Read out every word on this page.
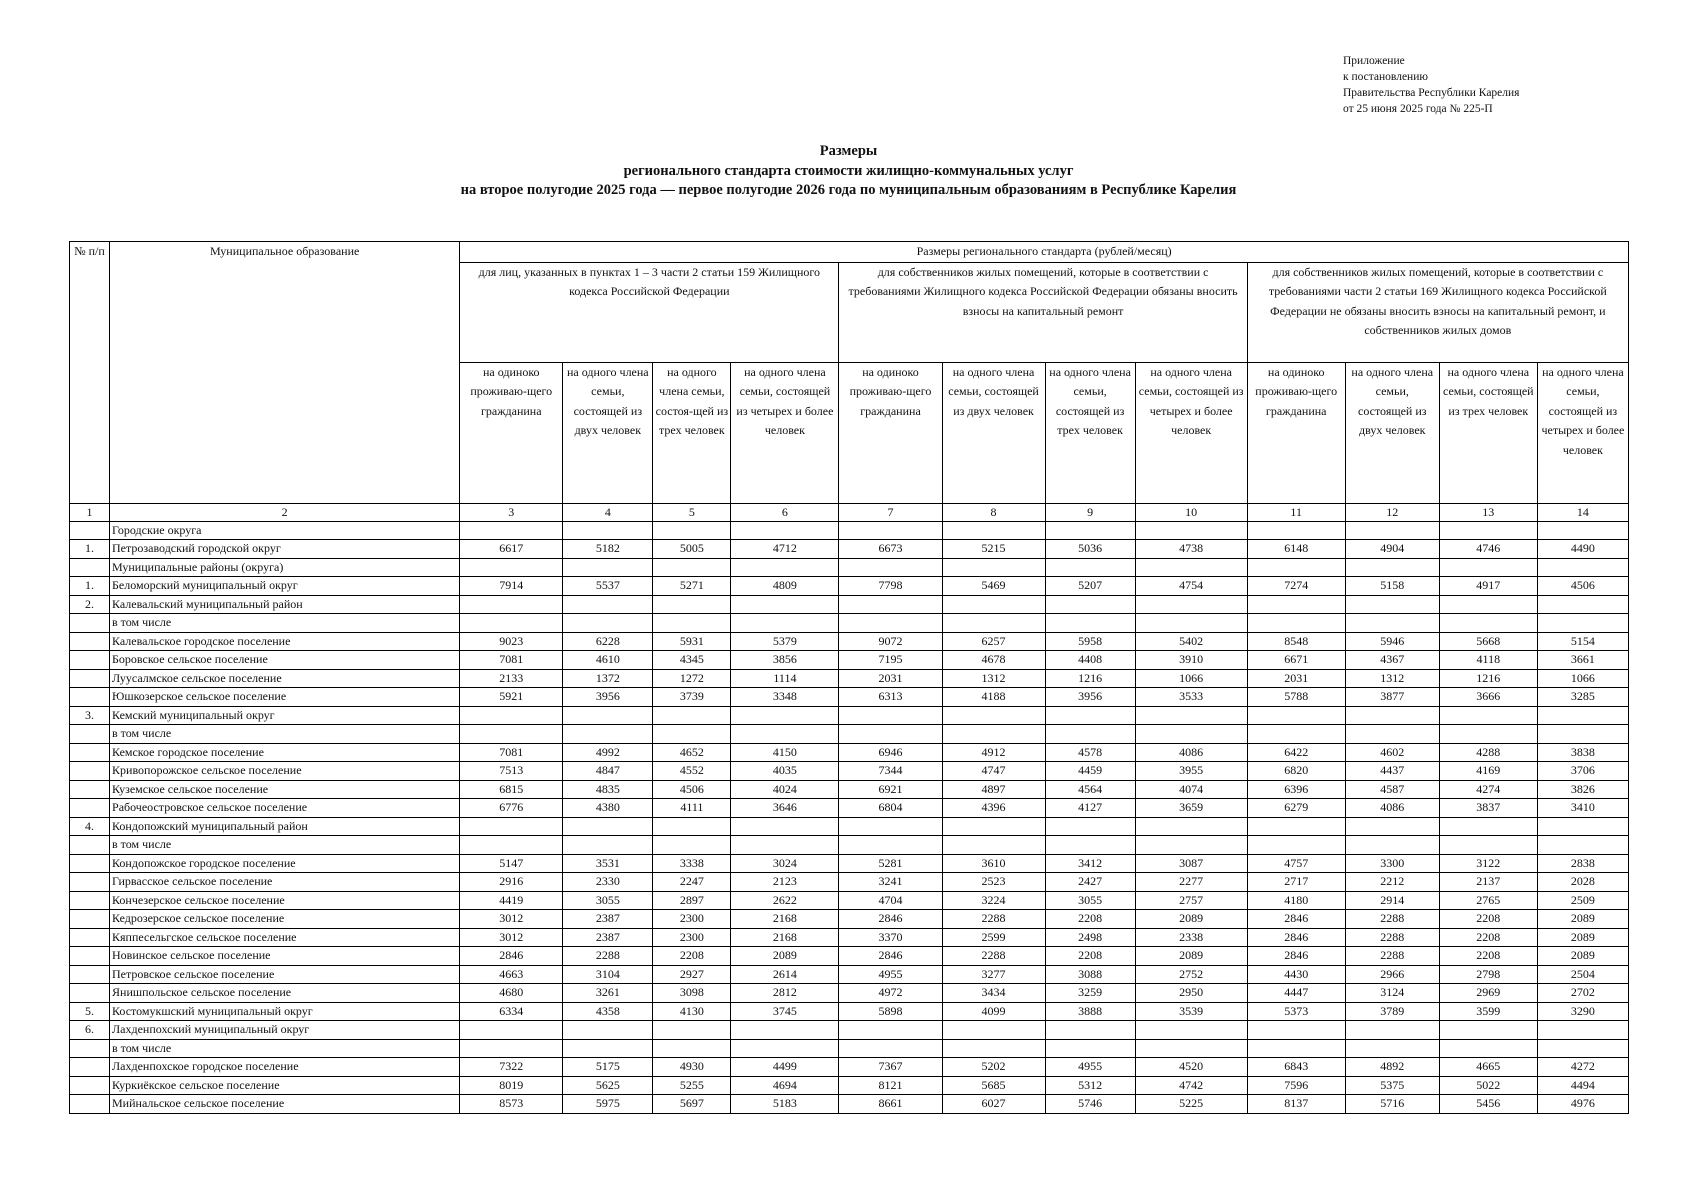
Приложение
к постановлению
Правительства Республики Карелия
от 25 июня 2025 года № 225-П
Размеры
регионального стандарта стоимости жилищно-коммунальных услуг
на второе полугодие 2025 года — первое полугодие 2026 года по муниципальным образованиям в Республике Карелия
№ п/п	Муниципальное образование	Размеры регионального стандарта (рублей/месяц)											
		для лиц, указанных в пунктах 1 – 3 части 2 статьи 159 Жилищного кодекса Российской Федерации				для собственников жилых помещений, которые в соответствии с требованиями Жилищного кодекса Российской Федерации обязаны вносить взносы на капитальный ремонт				для собственников жилых помещений, которые в соответствии с требованиями части 2 статьи 169 Жилищного кодекса Российской Федерации не обязаны вносить взносы на капитальный ремонт, и собственников жилых домов			
		на одиноко проживаю-щего гражданина	на одного члена семьи, состоящей из двух человек	на одного члена семьи, состоя-щей из трех человек	на одного члена семьи, состоящей из четырех и более человек	на одиноко проживаю-щего гражданина	на одного члена семьи, состоящей из двух человек	на одного члена семьи, состоящей из трех человек	на одного члена семьи, состоящей из четырех и более человек	на одиноко проживаю-щего гражданина	на одного члена семьи, состоящей из двух человек	на одного члена семьи, состоящей из трех человек	на одного члена семьи, состоящей из четырех и более человек
1	2	3	4	5	6	7	8	9	10	11	12	13	14
	Городские округа												
1.	Петрозаводский городской округ	6617	5182	5005	4712	6673	5215	5036	4738	6148	4904	4746	4490
	Муниципальные районы (округа)												
1.	Беломорский муниципальный округ	7914	5537	5271	4809	7798	5469	5207	4754	7274	5158	4917	4506
2.	Калевальский муниципальный район												
	в том числе												
	Калевальское городское поселение	9023	6228	5931	5379	9072	6257	5958	5402	8548	5946	5668	5154
	Боровское сельское поселение	7081	4610	4345	3856	7195	4678	4408	3910	6671	4367	4118	3661
	Луусалмское сельское поселение	2133	1372	1272	1114	2031	1312	1216	1066	2031	1312	1216	1066
	Юшкозерское сельское поселение	5921	3956	3739	3348	6313	4188	3956	3533	5788	3877	3666	3285
3.	Кемский муниципальный округ												
	в том числе												
	Кемское городское поселение	7081	4992	4652	4150	6946	4912	4578	4086	6422	4602	4288	3838
	Кривопорожское сельское поселение	7513	4847	4552	4035	7344	4747	4459	3955	6820	4437	4169	3706
	Куземское сельское поселение	6815	4835	4506	4024	6921	4897	4564	4074	6396	4587	4274	3826
	Рабочеостровское сельское поселение	6776	4380	4111	3646	6804	4396	4127	3659	6279	4086	3837	3410
4.	Кондопожский муниципальный район												
	в том числе												
	Кондопожское городское поселение	5147	3531	3338	3024	5281	3610	3412	3087	4757	3300	3122	2838
	Гирвасское сельское поселение	2916	2330	2247	2123	3241	2523	2427	2277	2717	2212	2137	2028
	Кончезерское сельское поселение	4419	3055	2897	2622	4704	3224	3055	2757	4180	2914	2765	2509
	Кедрозерское сельское поселение	3012	2387	2300	2168	2846	2288	2208	2089	2846	2288	2208	2089
	Кяппесельгское сельское поселение	3012	2387	2300	2168	3370	2599	2498	2338	2846	2288	2208	2089
	Новинское сельское поселение	2846	2288	2208	2089	2846	2288	2208	2089	2846	2288	2208	2089
	Петровское сельское поселение	4663	3104	2927	2614	4955	3277	3088	2752	4430	2966	2798	2504
	Янишпольское сельское поселение	4680	3261	3098	2812	4972	3434	3259	2950	4447	3124	2969	2702
5.	Костомукшский муниципальный округ	6334	4358	4130	3745	5898	4099	3888	3539	5373	3789	3599	3290
6.	Лахденпохский муниципальный округ												
	в том числе												
	Лахденпохское городское поселение	7322	5175	4930	4499	7367	5202	4955	4520	6843	4892	4665	4272
	Куркиёкское сельское поселение	8019	5625	5255	4694	8121	5685	5312	4742	7596	5375	5022	4494
	Мийнальское сельское поселение	8573	5975	5697	5183	8661	6027	5746	5225	8137	5716	5456	4976
